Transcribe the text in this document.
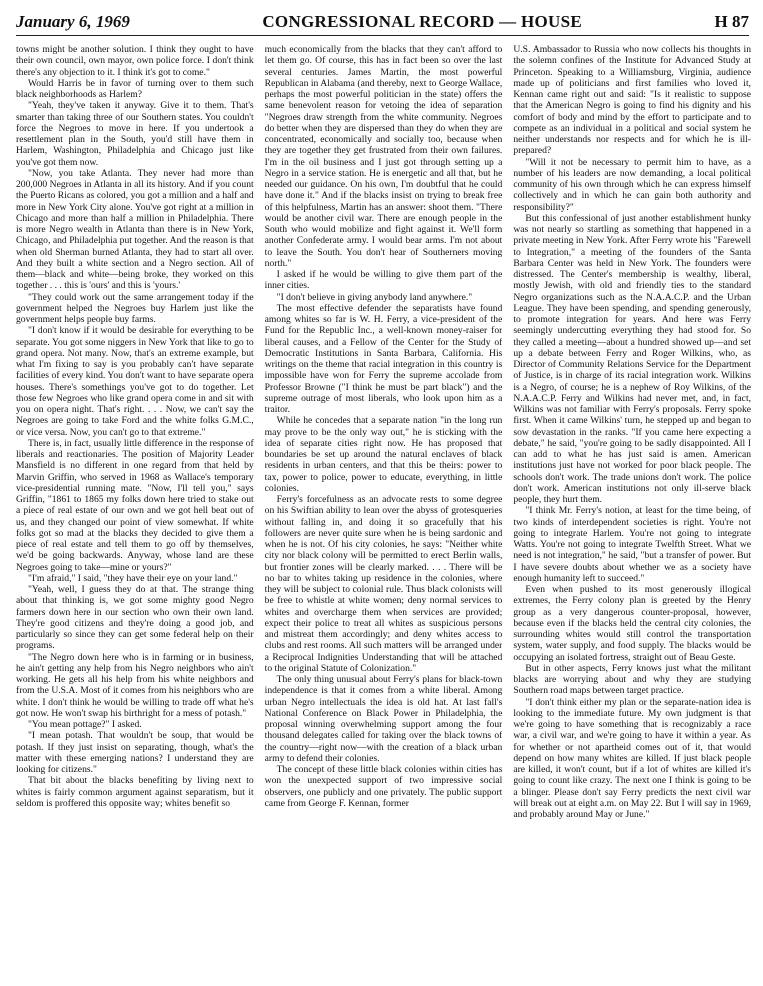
January 6, 1969	CONGRESSIONAL RECORD — HOUSE	H 87

towns might be another solution. I think they ought to have their own council, own mayor, own police force. I don't think there's any objection to it. I think it's got to come."

Would Harris be in favor of turning over to them such black neighborhoods as Harlem?

"Yeah, they've taken it anyway. Give it to them. That's smarter than taking three of our Southern states. You couldn't force the Negroes to move in here. If you undertook a resettlement plan in the South, you'd still have them in Harlem, Washington, Philadelphia and Chicago just like you've got them now.

"Now, you take Atlanta. They never had more than 200,000 Negroes in Atlanta in all its history. And if you count the Puerto Ricans as colored, you got a million and a half and more in New York City alone. You've got right at a million in Chicago and more than half a million in Philadelphia. There is more Negro wealth in Atlanta than there is in New York, Chicago, and Philadelphia put together. And the reason is that when old Sherman burned Atlanta, they had to start all over. And they built a white section and a Negro section. All of them—black and white—being broke, they worked on this together . . . this is 'ours' and this is 'yours.'

"They could work out the same arrangement today if the government helped the Negroes buy Harlem just like the government helps people buy farms.

"I don't know if it would be desirable for everything to be separate. You got some niggers in New York that like to go to grand opera. Not many. Now, that's an extreme example, but what I'm fixing to say is you probably can't have separate facilities of every kind. You don't want to have separate opera houses. There's somethings you've got to do together. Let those few Negroes who like grand opera come in and sit with you on opera night. That's right. . . . Now, we can't say the Negroes are going to take Ford and the white folks G.M.C., or vice versa. Now, you can't go to that extreme."

There is, in fact, usually little difference in the response of liberals and reactionaries. The position of Majority Leader Mansfield is no different in one regard from that held by Marvin Griffin, who served in 1968 as Wallace's temporary vice-presidential running mate. "Now, I'll tell you," says Griffin, "1861 to 1865 my folks down here tried to stake out a piece of real estate of our own and we got hell beat out of us, and they changed our point of view somewhat. If white folks got so mad at the blacks they decided to give them a piece of real estate and tell them to go off by themselves, we'd be going backwards. Anyway, whose land are these Negroes going to take—mine or yours?"

"I'm afraid," I said, "they have their eye on your land."

"Yeah, well, I guess they do at that. The strange thing about that thinking is, we got some mighty good Negro farmers down here in our section who own their own land. They're good citizens and they're doing a good job, and particularly so since they can get some federal help on their programs.

"The Negro down here who is in farming or in business, he ain't getting any help from his Negro neighbors who ain't working. He gets all his help from his white neighbors and from the U.S.A. Most of it comes from his neighbors who are white. I don't think he would be willing to trade off what he's got now. He won't swap his birthright for a mess of potash."

"You mean pottage?" I asked.

"I mean potash. That wouldn't be soup, that would be potash. If they just insist on separating, though, what's the matter with these emerging nations? I understand they are looking for citizens."

That bit about the blacks benefiting by living next to whites is fairly common argument against separatism, but it seldom is proffered this opposite way; whites benefit so

much economically from the blacks that they can't afford to let them go. Of course, this has in fact been so over the last several centuries. James Martin, the most powerful Republican in Alabama (and thereby, next to George Wallace, perhaps the most powerful politician in the state) offers the same benevolent reason for vetoing the idea of separation "Negroes draw strength from the white community. Negroes do better when they are dispersed than they do when they are concentrated, economically and socially too, because when they are together they get frustrated from their own failures. I'm in the oil business and I just got through setting up a Negro in a service station. He is energetic and all that, but he needed our guidance. On his own, I'm doubtful that he could have done it." And if the blacks insist on trying to break free of this helpfulness, Martin has an answer: shoot them. "There would be another civil war. There are enough people in the South who would mobilize and fight against it. We'll form another Confederate army. I would bear arms. I'm not about to leave the South. You don't hear of Southerners moving north."

I asked if he would be willing to give them part of the inner cities.

"I don't believe in giving anybody land anywhere."

The most effective defender the separatists have found among whites so far is W. H. Ferry, a vice-president of the Fund for the Republic Inc., a well-known money-raiser for liberal causes, and a Fellow of the Center for the Study of Democratic Institutions in Santa Barbara, California. His writings on the theme that racial integration in this country is impossible have won for Ferry the supreme accolade from Professor Browne ("I think he must be part black") and the supreme outrage of most liberals, who look upon him as a traitor.

While he concedes that a separate nation "in the long run may prove to be the only way out," he is sticking with the idea of separate cities right now. He has proposed that boundaries be set up around the natural enclaves of black residents in urban centers, and that this be theirs: power to tax, power to police, power to educate, everything, in little colonies.

Ferry's forcefulness as an advocate rests to some degree on his Swiftian ability to lean over the abyss of grotesqueries without falling in, and doing it so gracefully that his followers are never quite sure when he is being sardonic and when he is not. Of his city colonies, he says: "Neither white city nor black colony will be permitted to erect Berlin walls, but frontier zones will be clearly marked. . . . There will be no bar to whites taking up residence in the colonies, where they will be subject to colonial rule. Thus black colonists will be free to whistle at white women; deny normal services to whites and overcharge them when services are provided; expect their police to treat all whites as suspicious persons and mistreat them accordingly; and deny whites access to clubs and rest rooms. All such matters will be arranged under a Reciprocal Indignities Understanding that will be attached to the original Statute of Colonization."

The only thing unusual about Ferry's plans for black-town independence is that it comes from a white liberal. Among urban Negro intellectuals the idea is old hat. At last fall's National Conference on Black Power in Philadelphia, the proposal winning overwhelming support among the four thousand delegates called for taking over the black towns of the country—right now—with the creation of a black urban army to defend their colonies.

The concept of these little black colonies within cities has won the unexpected support of two impressive social observers, one publicly and one privately. The public support came from George F. Kennan, former

U.S. Ambassador to Russia who now collects his thoughts in the solemn confines of the Institute for Advanced Study at Princeton. Speaking to a Williamsburg, Virginia, audience made up of politicians and first families who loved it, Kennan came right out and said: "Is it realistic to suppose that the American Negro is going to find his dignity and his comfort of body and mind by the effort to participate and to compete as an individual in a political and social system he neither understands nor respects and for which he is ill-prepared?

"Will it not be necessary to permit him to have, as a number of his leaders are now demanding, a local political community of his own through which he can express himself collectively and in which he can gain both authority and responsibility?"

But this confessional of just another establishment hunky was not nearly so startling as something that happened in a private meeting in New York. After Ferry wrote his "Farewell to Integration," a meeting of the founders of the Santa Barbara Center was held in New York. The founders were distressed. The Center's membership is wealthy, liberal, mostly Jewish, with old and friendly ties to the standard Negro organizations such as the N.A.A.C.P. and the Urban League. They have been spending, and spending generously, to promote integration for years. And here was Ferry seemingly undercutting everything they had stood for. So they called a meeting—about a hundred showed up—and set up a debate between Ferry and Roger Wilkins, who, as Director of Community Relations Service for the Department of Justice, is in charge of its racial integration work. Wilkins is a Negro, of course; he is a nephew of Roy Wilkins, of the N.A.A.C.P. Ferry and Wilkins had never met, and, in fact, Wilkins was not familiar with Ferry's proposals. Ferry spoke first. When it came Wilkins' turn, he stepped up and began to sow devastation in the ranks. "If you came here expecting a debate," he said, "you're going to be sadly disappointed. All I can add to what he has just said is amen. American institutions just have not worked for poor black people. The schools don't work. The trade unions don't work. The police don't work. American institutions not only ill-serve black people, they hurt them.

"I think Mr. Ferry's notion, at least for the time being, of two kinds of interdependent societies is right. You're not going to integrate Harlem. You're not going to integrate Watts. You're not going to integrate Twelfth Street. What we need is not integration," he said, "but a transfer of power. But I have severe doubts about whether we as a society have enough humanity left to succeed."

Even when pushed to its most generously illogical extremes, the Ferry colony plan is greeted by the Henry group as a very dangerous counter-proposal, however, because even if the blacks held the central city colonies, the surrounding whites would still control the transportation system, water supply, and food supply. The blacks would be occupying an isolated fortress, straight out of Beau Geste.

But in other aspects, Ferry knows just what the militant blacks are worrying about and why they are studying Southern road maps between target practice.

"I don't think either my plan or the separate-nation idea is looking to the immediate future. My own judgment is that we're going to have something that is recognizably a race war, a civil war, and we're going to have it within a year. As for whether or not apartheid comes out of it, that would depend on how many whites are killed. If just black people are killed, it won't count, but if a lot of whites are killed it's going to count like crazy. The next one I think is going to be a blinger. Please don't say Ferry predicts the next civil war will break out at eight a.m. on May 22. But I will say in 1969, and probably around May or June."
